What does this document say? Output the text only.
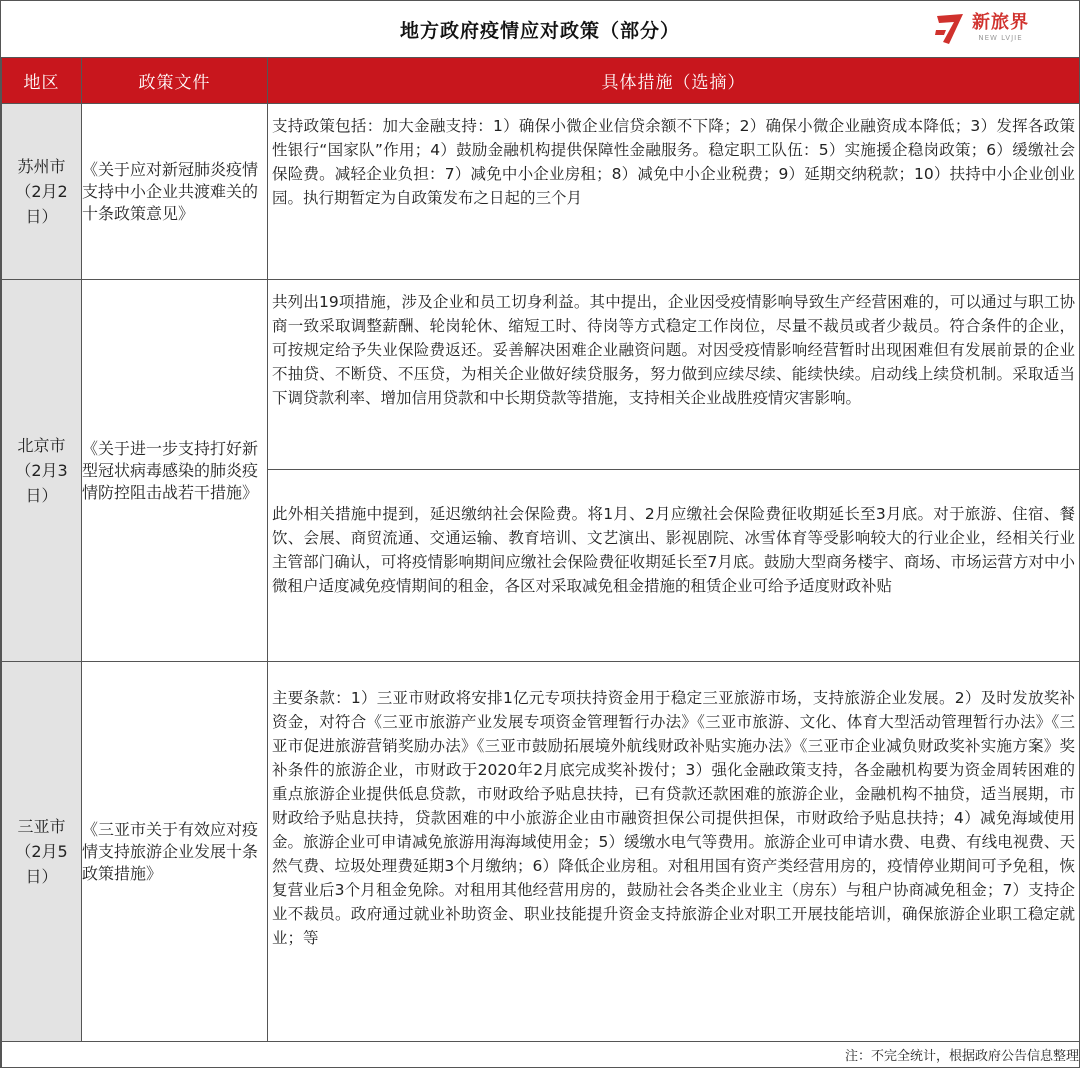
地方政府疫情应对政策（部分）	新旅界
NEW LVJIE
地区	政策文件	具体措施（选摘）

苏州市
（2月2日）	《关于应对新冠肺炎疫情支持中小企业共渡难关的十条政策意见》	支持政策包括：加大金融支持：1）确保小微企业信贷余额不下降；2）确保小微企业融资成本降低；3）发挥各政策性银行“国家队”作用；4）鼓励金融机构提供保障性金融服务。稳定职工队伍：5）实施援企稳岗政策；6）缓缴社会保险费。减轻企业负担：7）减免中小企业房租；8）减免中小企业税费；9）延期交纳税款；10）扶持中小企业创业园。执行期暂定为自政策发布之日起的三个月

北京市
（2月3日）	《关于进一步支持打好新型冠状病毒感染的肺炎疫情防控阻击战若干措施》	共列出19项措施，涉及企业和员工切身利益。其中提出，企业因受疫情影响导致生产经营困难的，可以通过与职工协商一致采取调整薪酬、轮岗轮休、缩短工时、待岗等方式稳定工作岗位，尽量不裁员或者少裁员。符合条件的企业，可按规定给予失业保险费返还。妥善解决困难企业融资问题。对因受疫情影响经营暂时出现困难但有发展前景的企业不抽贷、不断贷、不压贷，为相关企业做好续贷服务，努力做到应续尽续、能续快续。启动线上续贷机制。采取适当下调贷款利率、增加信用贷款和中长期贷款等措施，支持相关企业战胜疫情灾害影响。

		此外相关措施中提到，延迟缴纳社会保险费。将1月、2月应缴社会保险费征收期延长至3月底。对于旅游、住宿、餐饮、会展、商贸流通、交通运输、教育培训、文艺演出、影视剧院、冰雪体育等受影响较大的行业企业，经相关行业主管部门确认，可将疫情影响期间应缴社会保险费征收期延长至7月底。鼓励大型商务楼宇、商场、市场运营方对中小微租户适度减免疫情期间的租金，各区对采取减免租金措施的租赁企业可给予适度财政补贴

三亚市
（2月5日）	《三亚市关于有效应对疫情支持旅游企业发展十条政策措施》	主要条款：1）三亚市财政将安排1亿元专项扶持资金用于稳定三亚旅游市场，支持旅游企业发展。2）及时发放奖补资金，对符合《三亚市旅游产业发展专项资金管理暂行办法》《三亚市旅游、文化、体育大型活动管理暂行办法》《三亚市促进旅游营销奖励办法》《三亚市鼓励拓展境外航线财政补贴实施办法》《三亚市企业减负财政奖补实施方案》奖补条件的旅游企业，市财政于2020年2月底完成奖补拨付；3）强化金融政策支持，各金融机构要为资金周转困难的重点旅游企业提供低息贷款，市财政给予贴息扶持，已有贷款还款困难的旅游企业，金融机构不抽贷，适当展期，市财政给予贴息扶持，贷款困难的中小旅游企业由市融资担保公司提供担保，市财政给予贴息扶持；4）减免海域使用金。旅游企业可申请减免旅游用海海域使用金；5）缓缴水电气等费用。旅游企业可申请水费、电费、有线电视费、天然气费、垃圾处理费延期3个月缴纳；6）降低企业房租。对租用国有资产类经营用房的，疫情停业期间可予免租，恢复营业后3个月租金免除。对租用其他经营用房的，鼓励社会各类企业业主（房东）与租户协商减免租金；7）支持企业不裁员。政府通过就业补助资金、职业技能提升资金支持旅游企业对职工开展技能培训，确保旅游企业职工稳定就业；等

注：不完全统计，根据政府公告信息整理		
